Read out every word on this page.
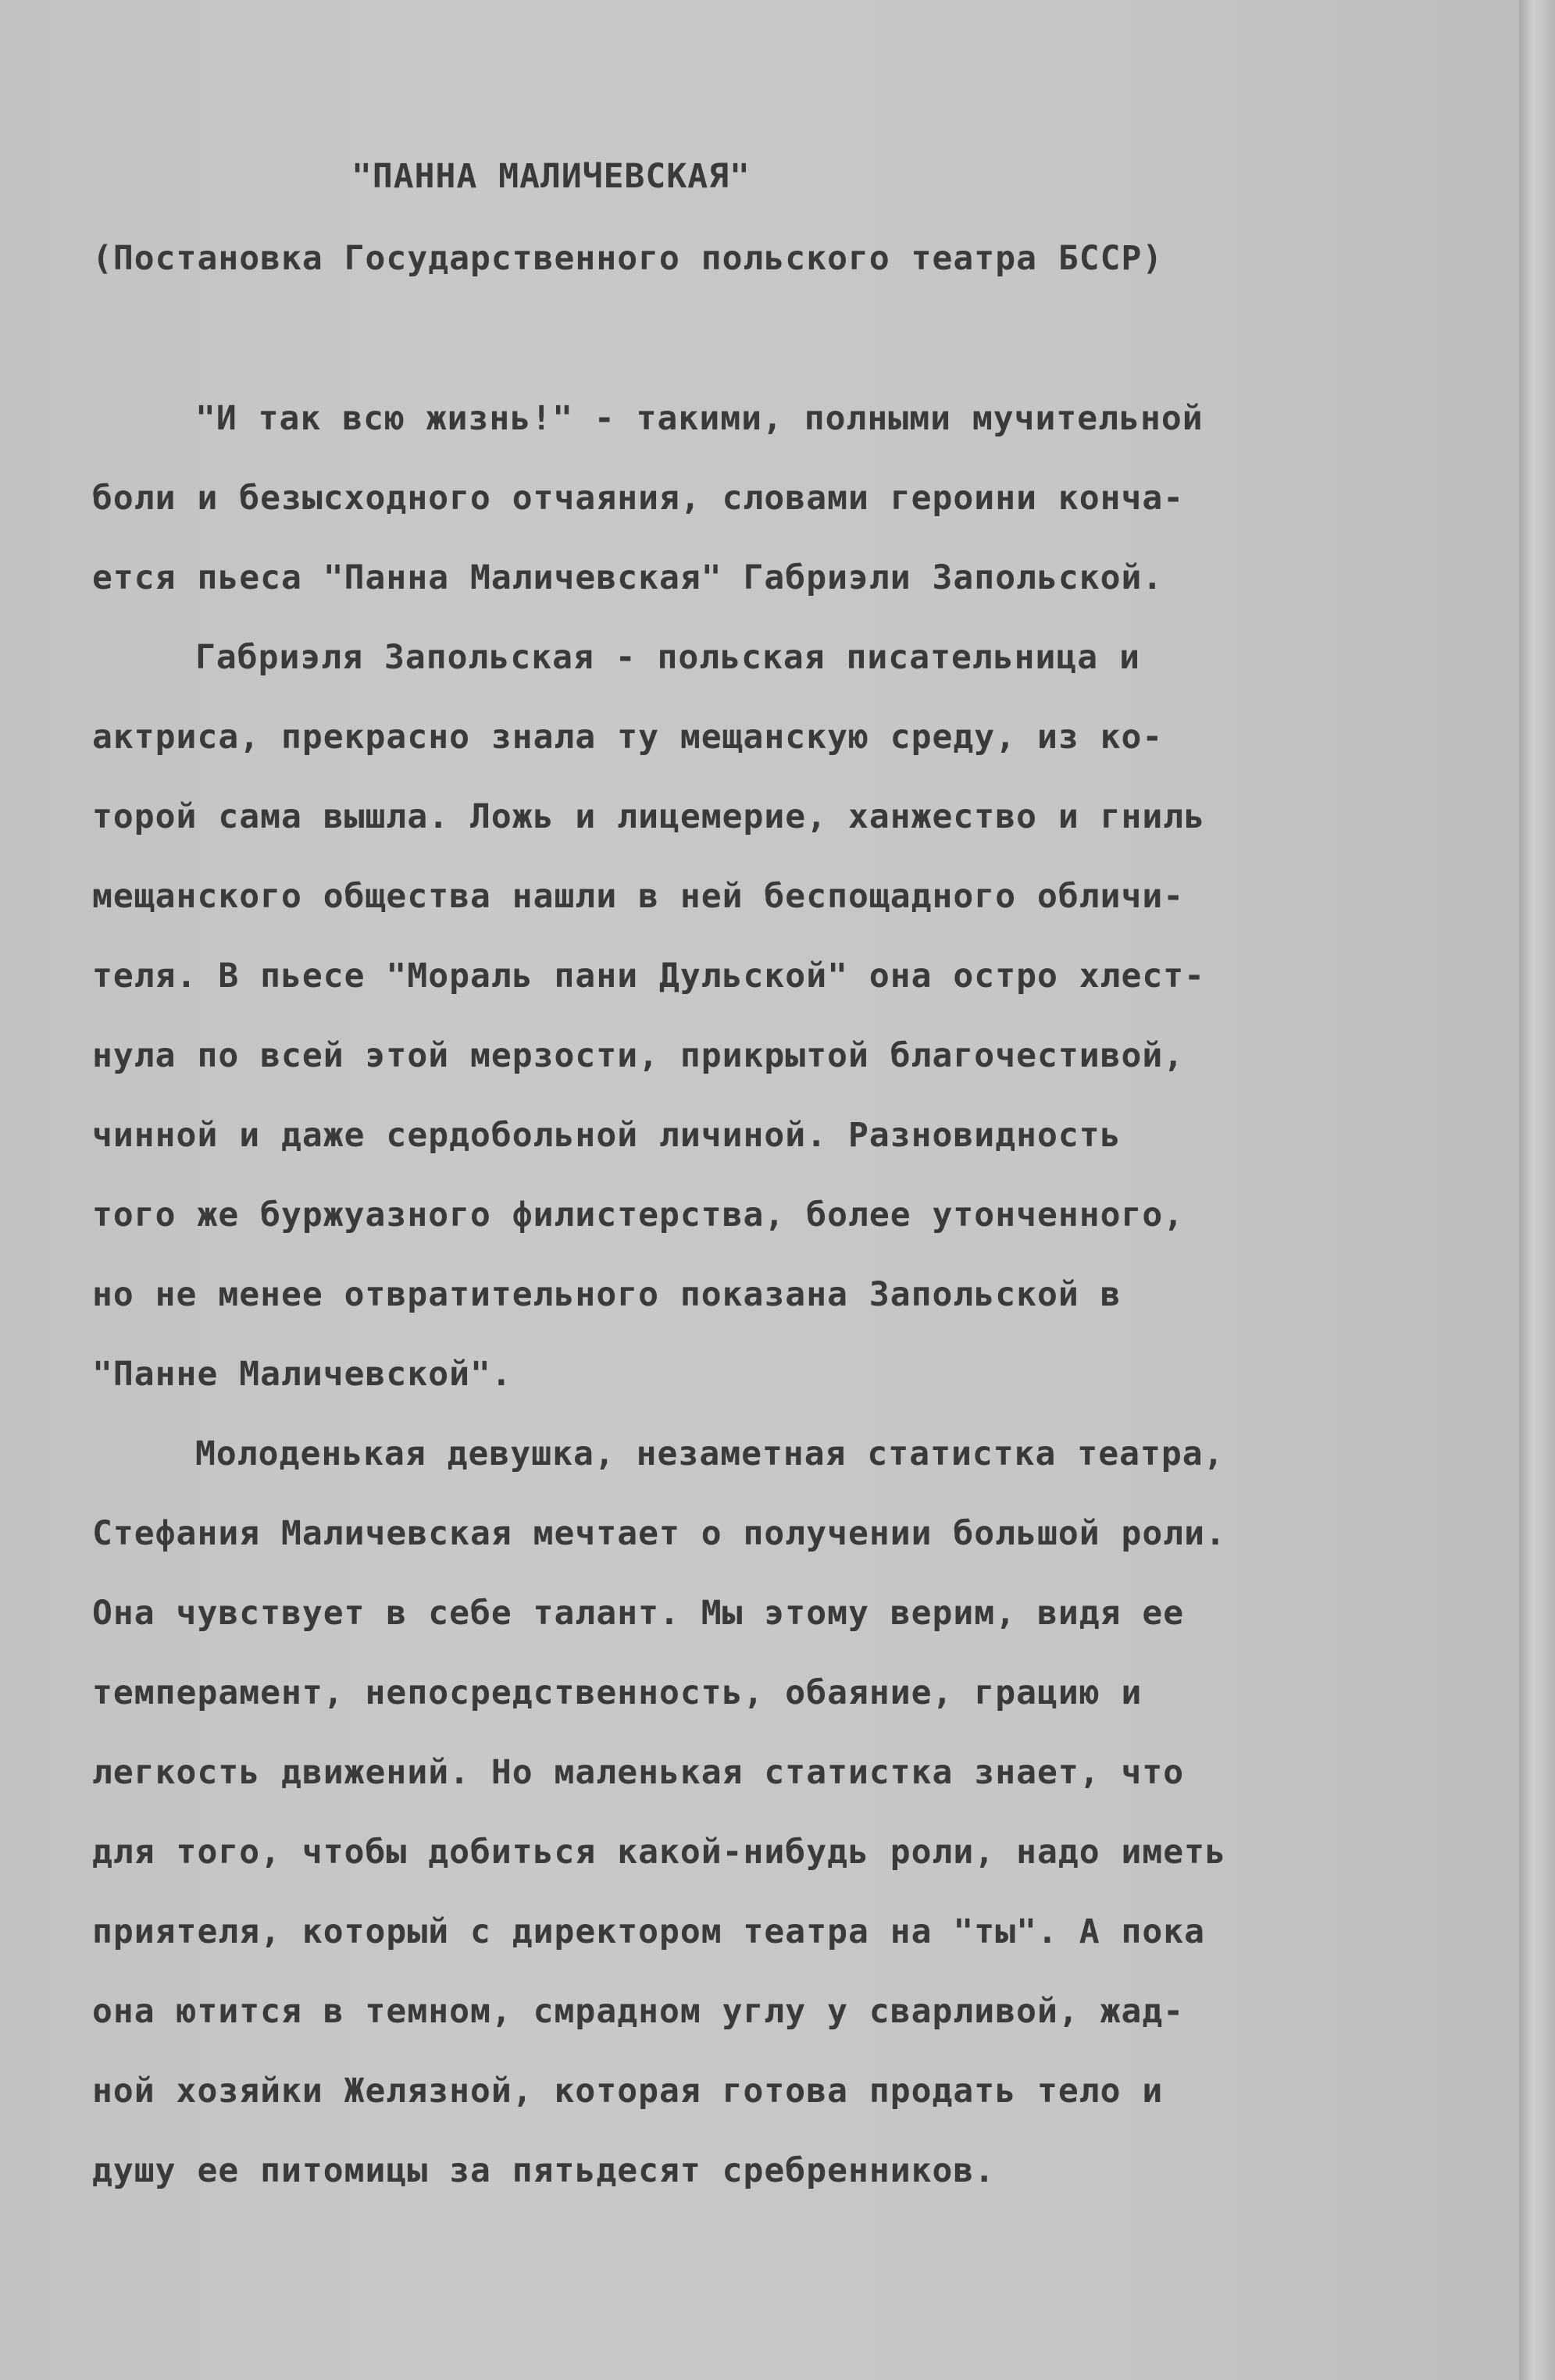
"ПАННА МАЛИЧЕВСКАЯ"

(Постановка Государственного польского театра БССР)

"И так всю жизнь!" - такими, полными мучительной

боли и безысходного отчаяния, словами героини конча-

ется пьеса "Панна Маличевская" Габриэли Запольской.

Габриэля Запольская - польская писательница и

актриса, прекрасно знала ту мещанскую среду, из ко-

торой сама вышла. Ложь и лицемерие, ханжество и гниль

мещанского общества нашли в ней беспощадного обличи-

теля. В пьесе "Мораль пани Дульской" она остро хлест-

нула по всей этой мерзости, прикрытой благочестивой,

чинной и даже сердобольной личиной. Разновидность

того же буржуазного филистерства, более утонченного,

но не менее отвратительного показана Запольской в

"Панне Маличевской".

Молоденькая девушка, незаметная статистка театра,

Стефания Маличевская мечтает о получении большой роли.

Она чувствует в себе талант. Мы этому верим, видя ее

темперамент, непосредственность, обаяние, грацию и

легкость движений. Но маленькая статистка знает, что

для того, чтобы добиться какой-нибудь роли, надо иметь

приятеля, который с директором театра на "ты". А пока

она ютится в темном, смрадном углу у сварливой, жад-

ной хозяйки Желязной, которая готова продать тело и

душу ее питомицы за пятьдесят сребренников.
